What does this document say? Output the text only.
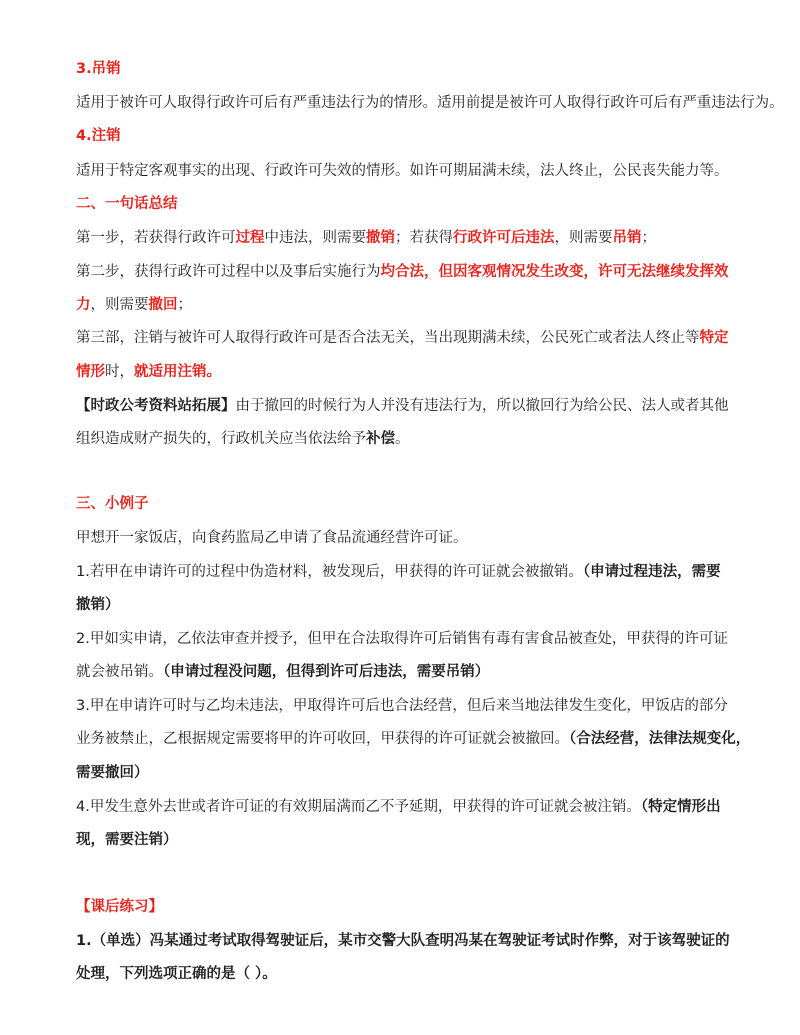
3.吊销
适用于被许可人取得行政许可后有严重违法行为的情形。适用前提是被许可人取得行政许可后有严重违法行为。
4.注销
适用于特定客观事实的出现、行政许可失效的情形。如许可期届满未续，法人终止，公民丧失能力等。
二、一句话总结
第一步，若获得行政许可过程中违法，则需要撤销；若获得行政许可后违法，则需要吊销；
第二步，获得行政许可过程中以及事后实施行为均合法，但因客观情况发生改变，许可无法继续发挥效
力，则需要撤回；
第三部，注销与被许可人取得行政许可是否合法无关，当出现期满未续，公民死亡或者法人终止等特定
情形时，就适用注销。
【时政公考资料站拓展】由于撤回的时候行为人并没有违法行为，所以撤回行为给公民、法人或者其他
组织造成财产损失的，行政机关应当依法给予补偿。
三、小例子
甲想开一家饭店，向食药监局乙申请了食品流通经营许可证。
1.若甲在申请许可的过程中伪造材料，被发现后，甲获得的许可证就会被撤销。（申请过程违法，需要
撤销）
2.甲如实申请，乙依法审查并授予，但甲在合法取得许可后销售有毒有害食品被查处，甲获得的许可证
就会被吊销。（申请过程没问题，但得到许可后违法，需要吊销）
3.甲在申请许可时与乙均未违法，甲取得许可后也合法经营，但后来当地法律发生变化，甲饭店的部分
业务被禁止，乙根据规定需要将甲的许可收回，甲获得的许可证就会被撤回。（合法经营，法律法规变化，
需要撤回）
4.甲发生意外去世或者许可证的有效期届满而乙不予延期，甲获得的许可证就会被注销。（特定情形出
现，需要注销）
【课后练习】
1.（单选）冯某通过考试取得驾驶证后，某市交警大队查明冯某在驾驶证考试时作弊，对于该驾驶证的
处理，下列选项正确的是（ ）。
